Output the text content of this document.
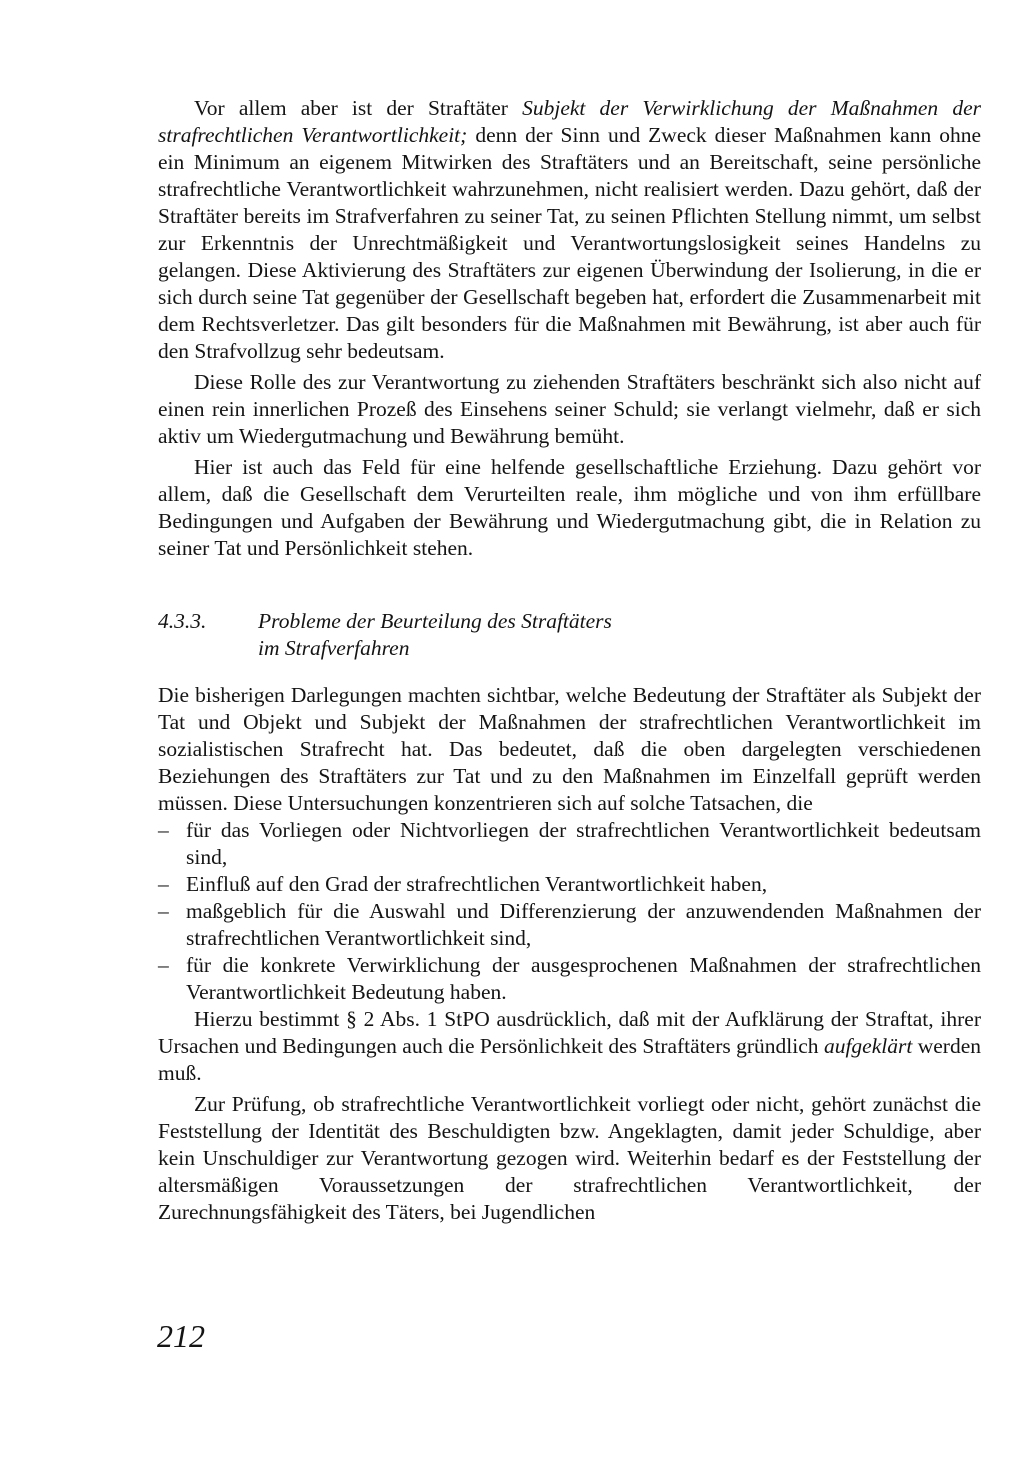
Vor allem aber ist der Straftäter Subjekt der Verwirklichung der Maßnahmen der strafrechtlichen Verantwortlichkeit; denn der Sinn und Zweck dieser Maßnahmen kann ohne ein Minimum an eigenem Mitwirken des Straftäters und an Bereitschaft, seine persönliche strafrechtliche Verantwortlichkeit wahrzunehmen, nicht realisiert werden. Dazu gehört, daß der Straftäter bereits im Strafverfahren zu seiner Tat, zu seinen Pflichten Stellung nimmt, um selbst zur Erkenntnis der Unrechtmäßigkeit und Verantwortungslosigkeit seines Handelns zu gelangen. Diese Aktivierung des Straftäters zur eigenen Überwindung der Isolierung, in die er sich durch seine Tat gegenüber der Gesellschaft begeben hat, erfordert die Zusammenarbeit mit dem Rechtsverletzer. Das gilt besonders für die Maßnahmen mit Bewährung, ist aber auch für den Strafvollzug sehr bedeutsam.

Diese Rolle des zur Verantwortung zu ziehenden Straftäters beschränkt sich also nicht auf einen rein innerlichen Prozeß des Einsehens seiner Schuld; sie verlangt vielmehr, daß er sich aktiv um Wiedergutmachung und Bewährung bemüht.

Hier ist auch das Feld für eine helfende gesellschaftliche Erziehung. Dazu gehört vor allem, daß die Gesellschaft dem Verurteilten reale, ihm mögliche und von ihm erfüllbare Bedingungen und Aufgaben der Bewährung und Wiedergutmachung gibt, die in Relation zu seiner Tat und Persönlichkeit stehen.

4.3.3. Probleme der Beurteilung des Straftäters
im Strafverfahren

Die bisherigen Darlegungen machten sichtbar, welche Bedeutung der Straftäter als Subjekt der Tat und Objekt und Subjekt der Maßnahmen der strafrechtlichen Verantwortlichkeit im sozialistischen Strafrecht hat. Das bedeutet, daß die oben dargelegten verschiedenen Beziehungen des Straftäters zur Tat und zu den Maßnahmen im Einzelfall geprüft werden müssen. Diese Untersuchungen konzentrieren sich auf solche Tatsachen, die

– für das Vorliegen oder Nichtvorliegen der strafrechtlichen Verantwortlichkeit bedeutsam sind,
– Einfluß auf den Grad der strafrechtlichen Verantwortlichkeit haben,
– maßgeblich für die Auswahl und Differenzierung der anzuwendenden Maßnahmen der strafrechtlichen Verantwortlichkeit sind,
– für die konkrete Verwirklichung der ausgesprochenen Maßnahmen der strafrechtlichen Verantwortlichkeit Bedeutung haben.

Hierzu bestimmt § 2 Abs. 1 StPO ausdrücklich, daß mit der Aufklärung der Straftat, ihrer Ursachen und Bedingungen auch die Persönlichkeit des Straftäters gründlich aufgeklärt werden muß.

Zur Prüfung, ob strafrechtliche Verantwortlichkeit vorliegt oder nicht, gehört zunächst die Feststellung der Identität des Beschuldigten bzw. Angeklagten, damit jeder Schuldige, aber kein Unschuldiger zur Verantwortung gezogen wird. Weiterhin bedarf es der Feststellung der altersmäßigen Voraussetzungen der strafrechtlichen Verantwortlichkeit, der Zurechnungsfähigkeit des Täters, bei Jugendlichen

212
